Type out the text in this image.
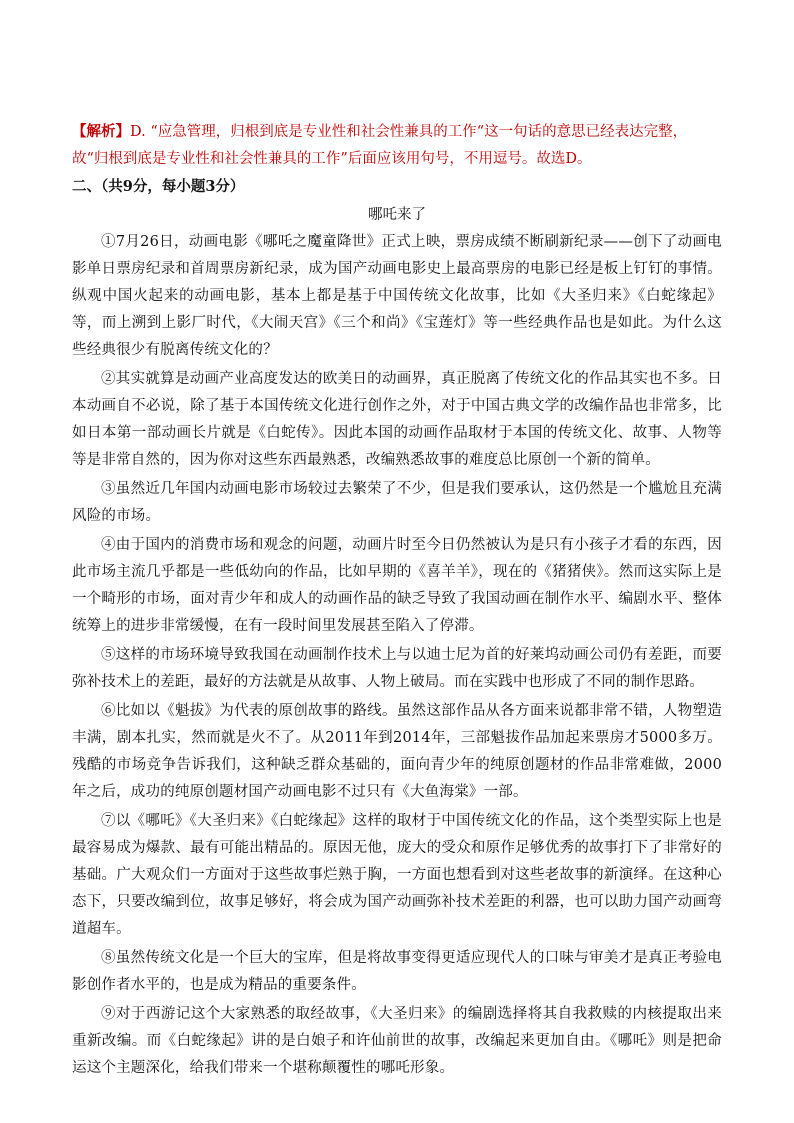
【解析】D. “应急管理，归根到底是专业性和社会性兼具的工作“这一句话的意思已经表达完整，故“归根到底是专业性和社会性兼具的工作”后面应该用句号，不用逗号。故选D。

二、（共9分，每小题3分）

哪吒来了

①7月26日，动画电影《哪吒之魔童降世》正式上映，票房成绩不断刷新纪录——创下了动画电影单日票房纪录和首周票房新纪录，成为国产动画电影史上最高票房的电影已经是板上钉钉的事情。纵观中国火起来的动画电影，基本上都是基于中国传统文化故事，比如《大圣归来》《白蛇缘起》等，而上溯到上影厂时代，《大闹天宫》《三个和尚》《宝莲灯》等一些经典作品也是如此。为什么这些经典很少有脱离传统文化的？

②其实就算是动画产业高度发达的欧美日的动画界，真正脱离了传统文化的作品其实也不多。日本动画自不必说，除了基于本国传统文化进行创作之外，对于中国古典文学的改编作品也非常多，比如日本第一部动画长片就是《白蛇传》。因此本国的动画作品取材于本国的传统文化、故事、人物等等是非常自然的，因为你对这些东西最熟悉，改编熟悉故事的难度总比原创一个新的简单。

③虽然近几年国内动画电影市场较过去繁荣了不少，但是我们要承认，这仍然是一个尴尬且充满风险的市场。

④由于国内的消费市场和观念的问题，动画片时至今日仍然被认为是只有小孩子才看的东西，因此市场主流几乎都是一些低幼向的作品，比如早期的《喜羊羊》，现在的《猪猪侠》。然而这实际上是一个畸形的市场，面对青少年和成人的动画作品的缺乏导致了我国动画在制作水平、编剧水平、整体统筹上的进步非常缓慢，在有一段时间里发展甚至陷入了停滞。

⑤这样的市场环境导致我国在动画制作技术上与以迪士尼为首的好莱坞动画公司仍有差距，而要弥补技术上的差距，最好的方法就是从故事、人物上破局。而在实践中也形成了不同的制作思路。

⑥比如以《魁拔》为代表的原创故事的路线。虽然这部作品从各方面来说都非常不错，人物塑造丰满，剧本扎实，然而就是火不了。从2011年到2014年，三部魁拔作品加起来票房才5000多万。残酷的市场竞争告诉我们，这种缺乏群众基础的，面向青少年的纯原创题材的作品非常难做，2000年之后，成功的纯原创题材国产动画电影不过只有《大鱼海棠》一部。

⑦以《哪吒》《大圣归来》《白蛇缘起》这样的取材于中国传统文化的作品，这个类型实际上也是最容易成为爆款、最有可能出精品的。原因无他，庞大的受众和原作足够优秀的故事打下了非常好的基础。广大观众们一方面对于这些故事烂熟于胸，一方面也想看到对这些老故事的新演绎。在这种心态下，只要改编到位，故事足够好，将会成为国产动画弥补技术差距的利器，也可以助力国产动画弯道超车。

⑧虽然传统文化是一个巨大的宝库，但是将故事变得更适应现代人的口味与审美才是真正考验电影创作者水平的，也是成为精品的重要条件。

⑨对于西游记这个大家熟悉的取经故事，《大圣归来》的编剧选择将其自我救赎的内核提取出来重新改编。而《白蛇缘起》讲的是白娘子和许仙前世的故事，改编起来更加自由。《哪吒》则是把命运这个主题深化，给我们带来一个堪称颠覆性的哪吒形象。
